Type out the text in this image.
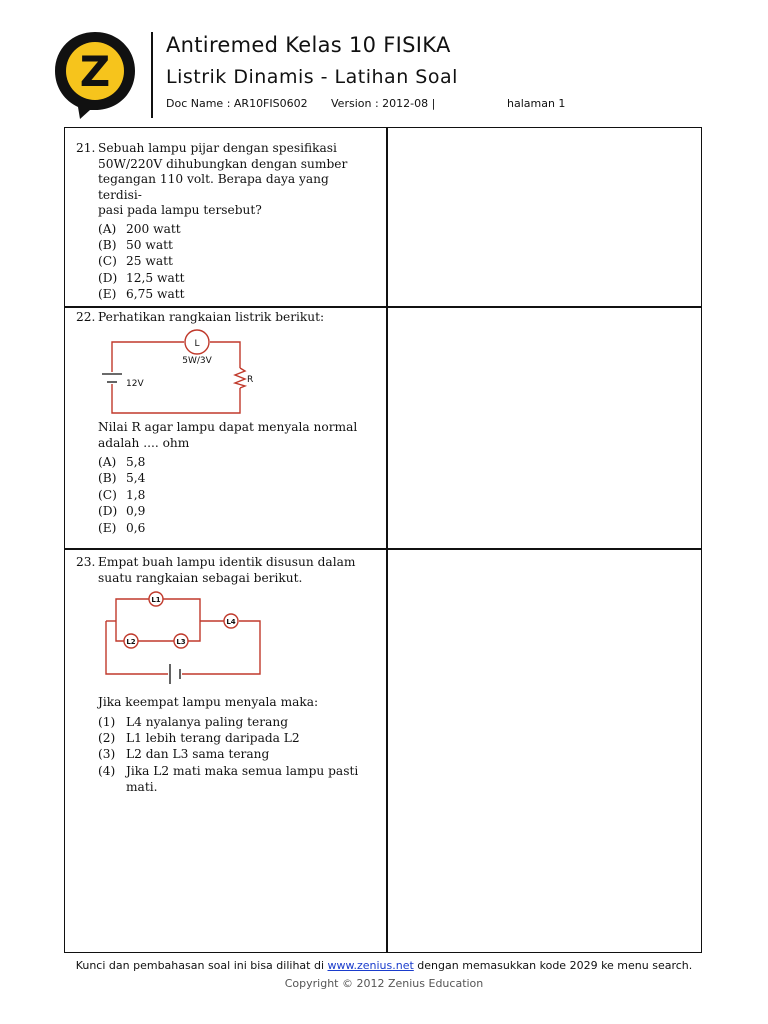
Z
Antiremed Kelas 10 FISIKA
Listrik Dinamis - Latihan Soal
Doc Name : AR10FIS0602 Version : 2012-08 |	halaman 1
21. Sebuah lampu pijar dengan spesifikasi
50W/220V dihubungkan dengan sumber
tegangan 110 volt. Berapa daya yang terdisi-
pasi pada lampu tersebut?
(A) 200 watt
(B) 50 watt
(C) 25 watt
(D) 12,5 watt
(E) 6,75 watt
22. Perhatikan rangkaian listrik berikut:
L
5W/3V
12V	R
Nilai R agar lampu dapat menyala normal
adalah .... ohm
(A) 5,8
(B) 5,4
(C) 1,8
(D) 0,9
(E) 0,6
23. Empat buah lampu identik disusun dalam
suatu rangkaian sebagai berikut.
L1
L2	L3
L4
Jika keempat lampu menyala maka:
(1) L4 nyalanya paling terang
(2) L1 lebih terang daripada L2
(3) L2 dan L3 sama terang
(4) Jika L2 mati maka semua lampu pasti
mati.
Kunci dan pembahasan soal ini bisa dilihat di www.zenius.net dengan memasukkan kode 2029 ke menu search.
Copyright © 2012 Zenius Education
